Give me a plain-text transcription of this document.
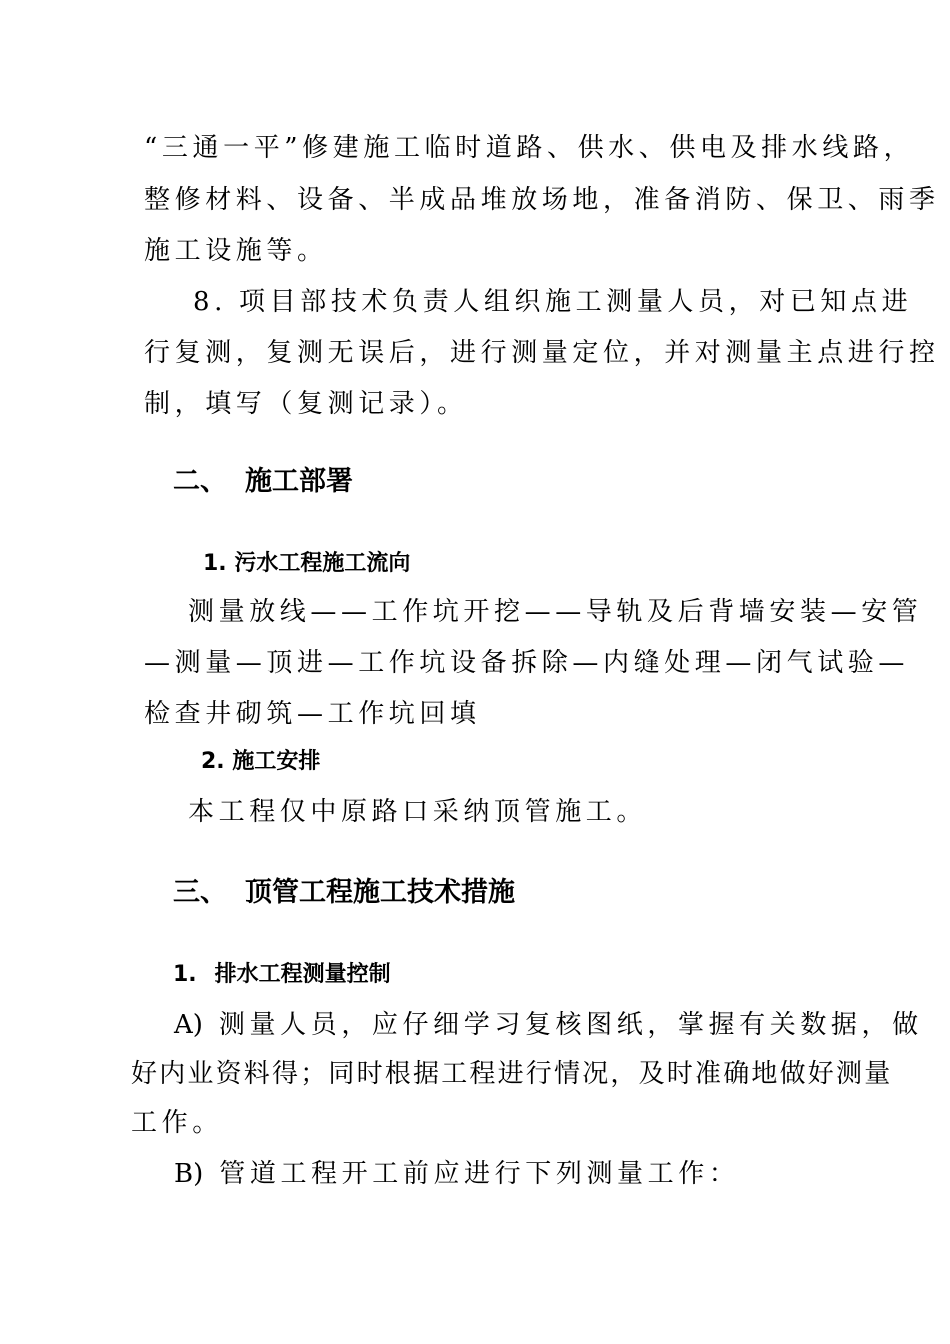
“三通一平”修建施工临时道路、供水、供电及排水线路，
整修材料、设备、半成品堆放场地，准备消防、保卫、雨季
施工设施等。
8. 项目部技术负责人组织施工测量人员，对已知点进
行复测，复测无误后，进行测量定位，并对测量主点进行控
制，填写（复测记录）。
二、 施工部署
1. 污水工程施工流向
测量放线——工作坑开挖——导轨及后背墙安装—安管
—测量—顶进—工作坑设备拆除—内缝处理—闭气试验—
检查井砌筑—工作坑回填
2. 施工安排
本工程仅中原路口采纳顶管施工。
三、 顶管工程施工技术措施
1. 排水工程测量控制
A) 测量人员，应仔细学习复核图纸，掌握有关数据，做
好内业资料得；同时根据工程进行情况，及时准确地做好测量
工作。
B) 管道工程开工前应进行下列测量工作：
